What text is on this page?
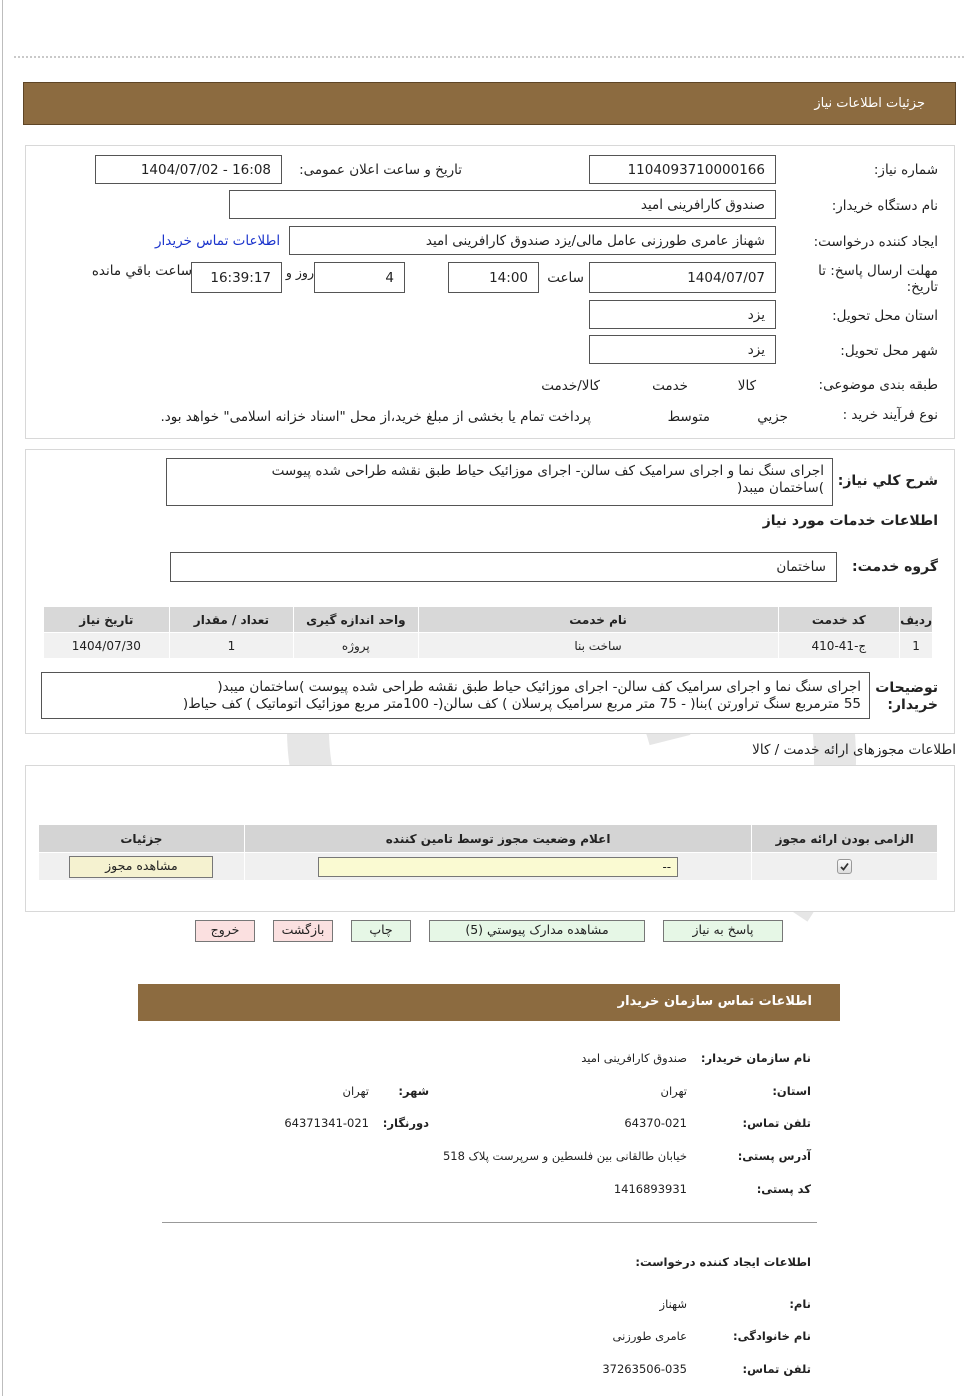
جزئیات اطلاعات نیاز
شماره نیاز:
1104093710000166
تاریخ و ساعت اعلان عمومی:
1404/07/02 - 16:08
نام دستگاه خریدار:
صندوق کارافرینی امید
ایجاد کننده درخواست:
شهناز عامری طورزنی عامل مالی/یزد صندوق کارافرینی امید
اطلاعات تماس خریدار
مهلت ارسال پاسخ: تا
تاریخ:
1404/07/07
ساعت
14:00
4
روز و
16:39:17
ساعت باقي مانده
استان محل تحویل:
یزد
شهر محل تحویل:
یزد
طبقه بندی موضوعی:

کالا

خدمت

کالا/خدمت
نوع فرآیند خرید :

جزيي

متوسط
پرداخت تمام یا بخشی از مبلغ خرید،از محل "اسناد خزانه اسلامی" خواهد بود.
شرح كلي نياز:
اجرای سنگ نما و اجرای سرامیک کف سالن- اجرای موزائیک حیاط طبق نقشه طراحی شده پیوست
)ساختمان میبد(
اطلاعات خدمات مورد نیاز
گروه خدمت:
ساختمان
رديف	کد خدمت	نام خدمت	واحد اندازه گیری	تعداد / مقدار	تاریخ نیاز
1	ج-41-410	ساخت بنا	پروژه	1	1404/07/30
توضیحات
خریدار:
اجرای سنگ نما و اجرای سرامیک کف سالن- اجرای موزائیک حیاط طبق نقشه طراحی شده پیوست )ساختمان میبد(
55 مترمربع سنگ تراورتن )بنا( - 75 متر مربع سرامیک پرسلان ) کف سالن(- 100متر مربع موزائیک اتوماتیک ) کف حیاط(
اطلاعات مجوزهای ارائه خدمت / کالا
الزامی بودن ارائه مجوز	اعلام وضعیت مجوز توسط تامین کننده	جزئیات

--	مشاهده مجوز
پاسخ به نیاز
مشاهده مدارک پیوستي (5)
چاپ
بازگشت
خروج
اطلاعات تماس سازمان خریدار
نام سازمان خریدار:
صندوق کارافرینی امید
استان:
تهران
شهر:
تهران
تلفن تماس:
64370-021
دورنگار:
64371341-021
آدرس پستی:
خیابان طالقانی بین فلسطین و سرپرست پلاک 518
کد پستی:
1416893931
اطلاعات ایجاد کننده درخواست:
نام:
شهناز
نام خانوادگی:
عامری طورزنی
تلفن تماس:
37263506-035
